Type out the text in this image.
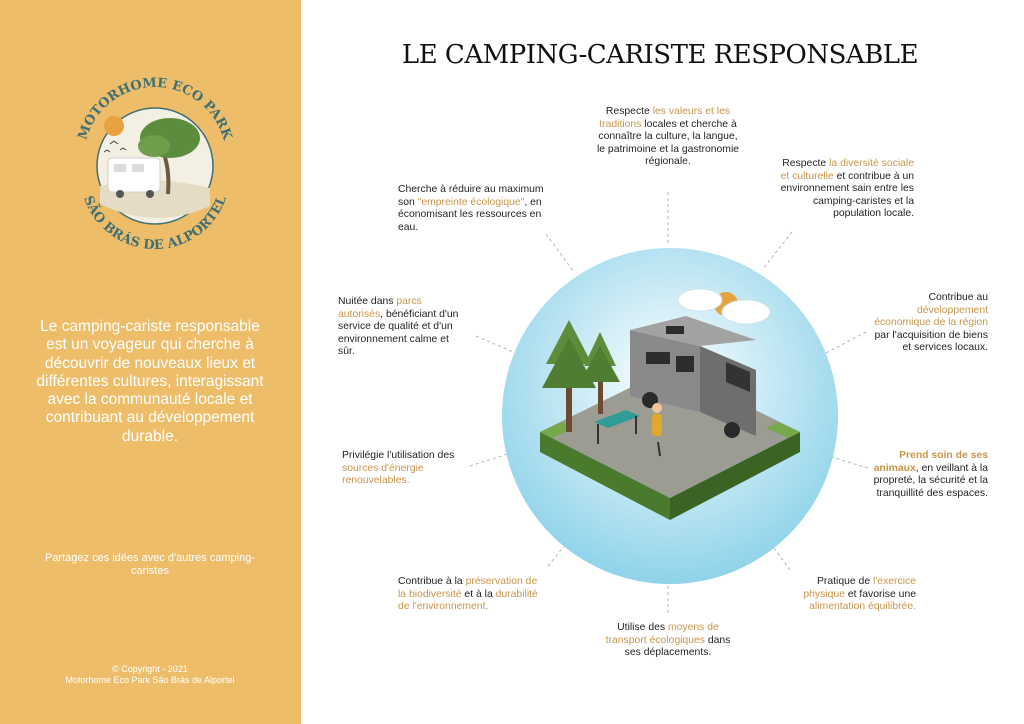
MOTORHOME ECO PARK
SÃO BRÁS DE ALPORTEL
Le camping-cariste responsable est un voyageur qui cherche à découvrir de nouveaux lieux et différentes cultures, interagissant avec la communauté locale et contribuant au développement durable.
Partagez ces idées avec d'autres camping-caristes
© Copyright - 2021
Motorhome Eco Park São Brás de Alportel
LE CAMPING-CARISTE RESPONSABLE
Respecte les valeurs et les traditions locales et cherche à connaître la culture, la langue, le patrimoine et la gastronomie régionale.
Cherche à réduire au maximum son "empreinte écologique", en économisant les ressources en eau.
Respecte la diversité sociale et culturelle et contribue à un environnement sain entre les camping-caristes et la population locale.
Nuitée dans parcs autorisés, bénéficiant d'un service de qualité et d'un environnement calme et sûr.
Contribue au développement économique de la région par l'acquisition de biens et services locaux.
Privilégie l'utilisation des sources d'énergie renouvelables.
Prend soin de ses animaux, en veillant à la propreté, la sécurité et la tranquillité des espaces.
Contribue à la préservation de la biodiversité et à la durabilité de l'environnement.
Pratique de l'exercice physique et favorise une alimentation équilibrée.
Utilise des moyens de transport écologiques dans ses déplacements.
